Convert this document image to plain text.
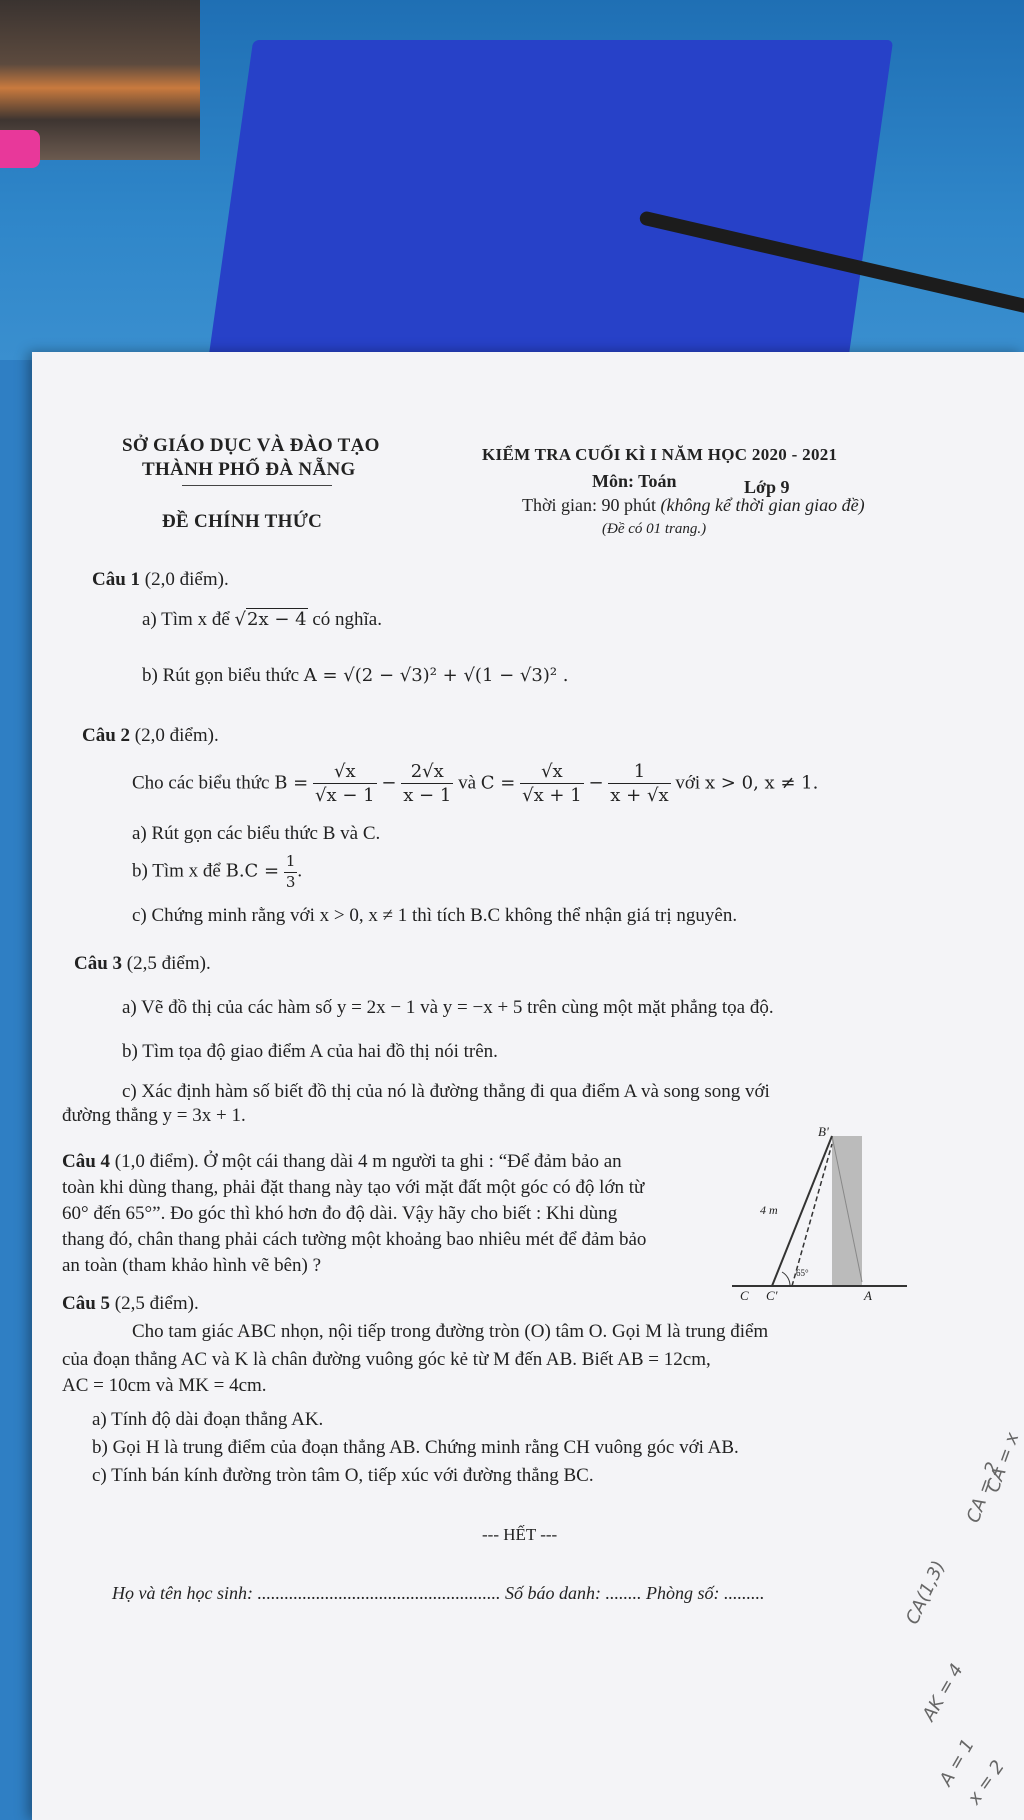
SỞ GIÁO DỤC VÀ ĐÀO TẠO
THÀNH PHỐ ĐÀ NẴNG
ĐỀ CHÍNH THỨC
KIỂM TRA CUỐI KÌ I NĂM HỌC 2020 - 2021
Môn: Toán	Lớp 9
Thời gian: 90 phút (không kể thời gian giao đề)
(Đề có 01 trang.)
Câu 1 (2,0 điểm).
a) Tìm x để √2x − 4 có nghĩa.
b) Rút gọn biểu thức A = √(2 − √3)² + √(1 − √3)² .
Câu 2 (2,0 điểm).
Cho các biểu thức $B = \frac{√x}{√x - 1} - \frac{2√x}{x - 1}$ và $C = \frac{√x}{√x + 1} - \frac{1}{x + √x}$ với x > 0, x ≠ 1.
a) Rút gọn các biểu thức B và C.
b) Tìm x để $B.C = \frac{1}{3}$ .
c) Chứng minh rằng với x > 0, x ≠ 1 thì tích B.C không thể nhận giá trị nguyên.
Câu 3 (2,5 điểm).
a) Vẽ đồ thị của các hàm số y = 2x − 1 và y = −x + 5 trên cùng một mặt phẳng tọa độ.
b) Tìm tọa độ giao điểm A của hai đồ thị nói trên.
c) Xác định hàm số biết đồ thị của nó là đường thẳng đi qua điểm A và song song với
đường thẳng y = 3x + 1.
Câu 4 (1,0 điểm). Ở một cái thang dài 4 m người ta ghi : “Để đảm bảo an
toàn khi dùng thang, phải đặt thang này tạo với mặt đất một góc có độ lớn từ
60° đến 65°”. Đo góc thì khó hơn đo độ dài. Vậy hãy cho biết : Khi dùng
thang đó, chân thang phải cách tường một khoảng bao nhiêu mét để đảm bảo
an toàn (tham khảo hình vẽ bên) ?
B'
4 m
65°
C C'	A
Câu 5 (2,5 điểm).
Cho tam giác ABC nhọn, nội tiếp trong đường tròn (O) tâm O. Gọi M là trung điểm
của đoạn thẳng AC và K là chân đường vuông góc kẻ từ M đến AB. Biết AB = 12cm,
AC = 10cm và MK = 4cm.
a) Tính độ dài đoạn thẳng AK.
b) Gọi H là trung điểm của đoạn thẳng AB. Chứng minh rằng CH vuông góc với AB.
c) Tính bán kính đường tròn tâm O, tiếp xúc với đường thẳng BC.
--- HẾT ---
Họ và tên học sinh: ...................................................... Số báo danh: ........ Phòng số: .........
CA = 2
CA = x
CA(1,3)
AK = 4
A = 1
x = 2
